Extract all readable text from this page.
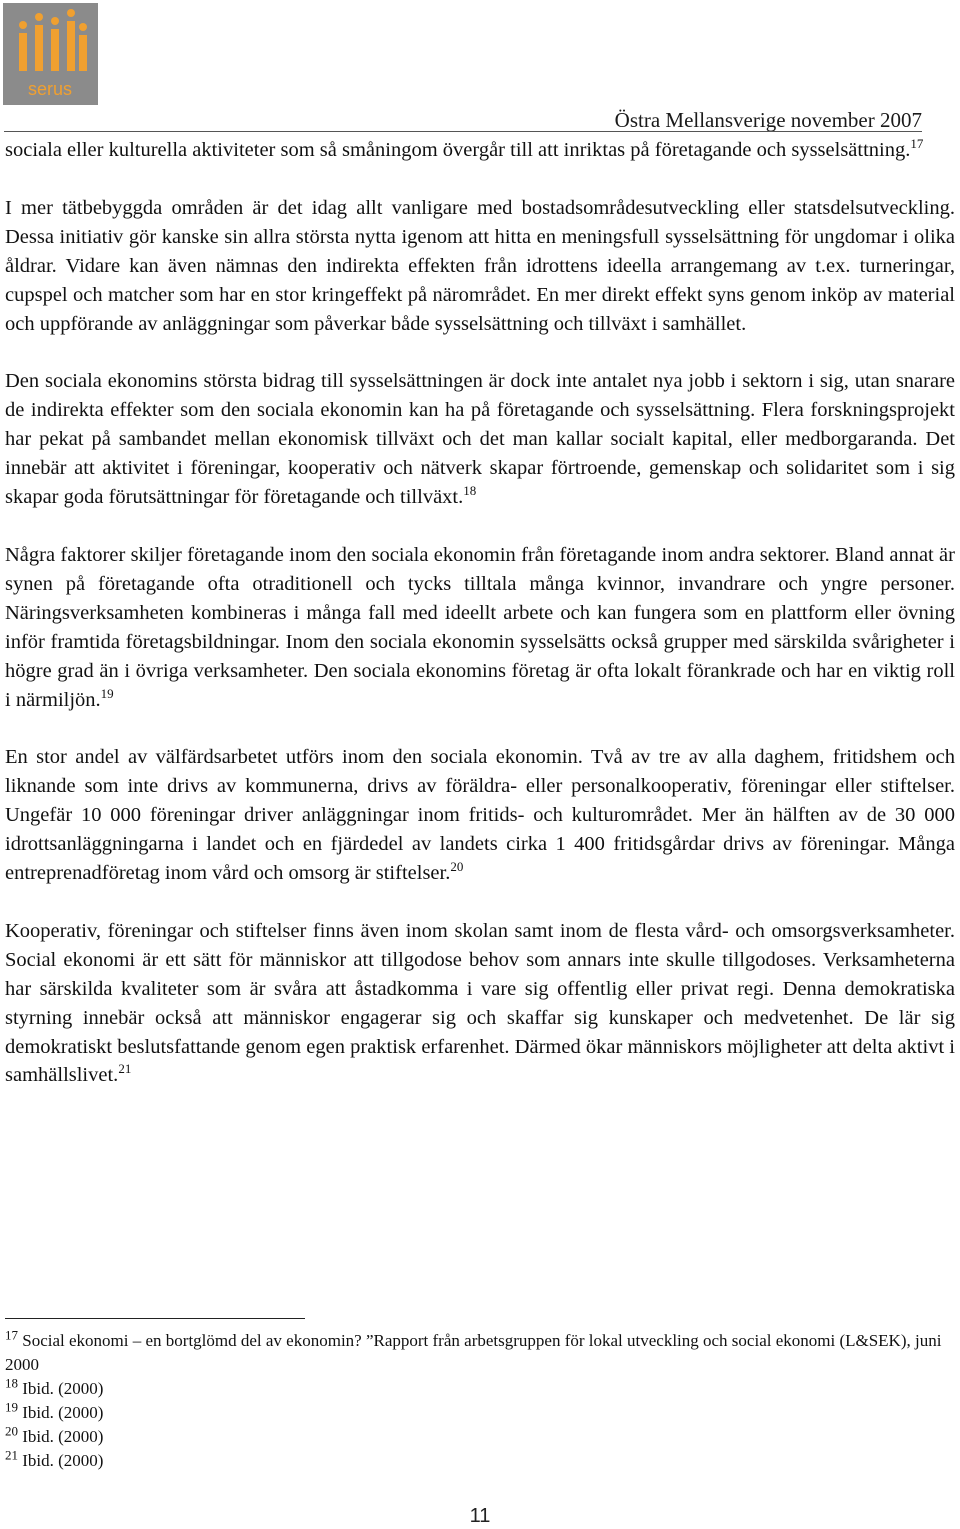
serus
Östra Mellansverige november 2007

sociala eller kulturella aktiviteter som så småningom övergår till att inriktas på företagande och sysselsättning.$^{17}$

I mer tätbebyggda områden är det idag allt vanligare med bostadsområdesutveckling eller statsdelsutveckling. Dessa initiativ gör kanske sin allra största nytta igenom att hitta en meningsfull sysselsättning för ungdomar i olika åldrar. Vidare kan även nämnas den indirekta effekten från idrottens ideella arrangemang av t.ex. turneringar, cupspel och matcher som har en stor kringeffekt på närområdet. En mer direkt effekt syns genom inköp av material och uppförande av anläggningar som påverkar både sysselsättning och tillväxt i samhället.

Den sociala ekonomins största bidrag till sysselsättningen är dock inte antalet nya jobb i sektorn i sig, utan snarare de indirekta effekter som den sociala ekonomin kan ha på företagande och sysselsättning. Flera forskningsprojekt har pekat på sambandet mellan ekonomisk tillväxt och det man kallar socialt kapital, eller medborgaranda. Det innebär att aktivitet i föreningar, kooperativ och nätverk skapar förtroende, gemenskap och solidaritet som i sig skapar goda förutsättningar för företagande och tillväxt.$^{18}$

Några faktorer skiljer företagande inom den sociala ekonomin från företagande inom andra sektorer. Bland annat är synen på företagande ofta otraditionell och tycks tilltala många kvinnor, invandrare och yngre personer. Näringsverksamheten kombineras i många fall med ideellt arbete och kan fungera som en plattform eller övning inför framtida företagsbildningar. Inom den sociala ekonomin sysselsätts också grupper med särskilda svårigheter i högre grad än i övriga verksamheter. Den sociala ekonomins företag är ofta lokalt förankrade och har en viktig roll i närmiljön.$^{19}$

En stor andel av välfärdsarbetet utförs inom den sociala ekonomin. Två av tre av alla daghem, fritidshem och liknande som inte drivs av kommunerna, drivs av föräldra- eller personalkooperativ, föreningar eller stiftelser. Ungefär 10 000 föreningar driver anläggningar inom fritids- och kulturområdet. Mer än hälften av de 30 000 idrottsanläggningarna i landet och en fjärdedel av landets cirka 1 400 fritidsgårdar drivs av föreningar. Många entreprenadföretag inom vård och omsorg är stiftelser.$^{20}$

Kooperativ, föreningar och stiftelser finns även inom skolan samt inom de flesta vård- och omsorgsverksamheter. Social ekonomi är ett sätt för människor att tillgodose behov som annars inte skulle tillgodoses. Verksamheterna har särskilda kvaliteter som är svåra att åstadkomma i vare sig offentlig eller privat regi. Denna demokratiska styrning innebär också att människor engagerar sig och skaffar sig kunskaper och medvetenhet. De lär sig demokratiskt beslutsfattande genom egen praktisk erfarenhet. Därmed ökar människors möjligheter att delta aktivt i samhällslivet.$^{21}$

$^{17}$ Social ekonomi – en bortglömd del av ekonomin? ”Rapport från arbetsgruppen för lokal utveckling och social ekonomi (L&SEK), juni 2000

$^{18}$ Ibid. (2000)

$^{19}$ Ibid. (2000)

$^{20}$ Ibid. (2000)

$^{21}$ Ibid. (2000)

11
